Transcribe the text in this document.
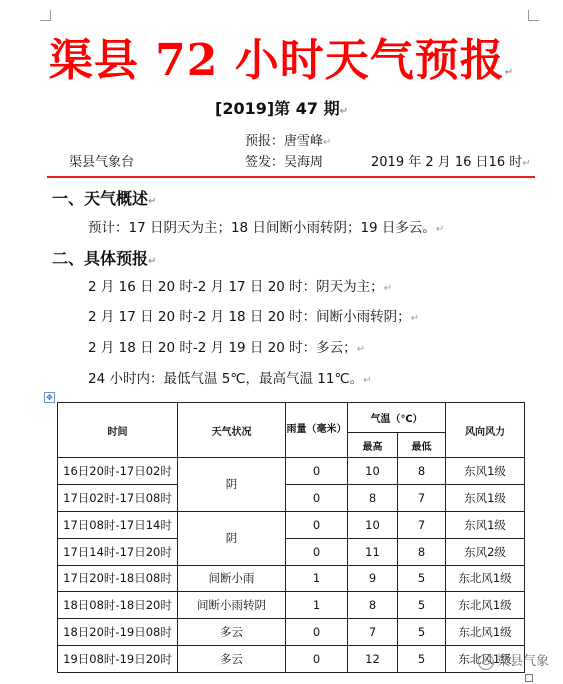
渠县 72 小时天气预报↵
[2019]第 47 期↵
预报：唐雪峰↵
渠县气象台	签发：吴海周	2019 年 2 月 16 日16 时↵
一、天气概述↵
预计：17 日阴天为主；18 日间断小雨转阴；19 日多云。↵
二、具体预报↵
2 月 16 日 20 时-2 月 17 日 20 时：阴天为主；↵
2 月 17 日 20 时-2 月 18 日 20 时：间断小雨转阴；↵
2 月 18 日 20 时-2 月 19 日 20 时：多云；↵
24 小时内：最低气温 5℃，最高气温 11℃。↵
✥
时间	天气状况	雨量（毫米）	气温（℃）		风向风力
			最高	最低	
16日20时-17日02时	阴	0	10	8	东风1级
17日02时-17日08时		0	8	7	东风1级
17日08时-17日14时	阴	0	10	7	东风1级
17日14时-17日20时		0	11	8	东风2级
17日20时-18日08时	间断小雨	1	9	5	东北风1级
18日08时-18日20时	间断小雨转阴	1	8	5	东北风1级
18日20时-19日08时	多云	0	7	5	东北风1级
19日08时-19日20时	多云	0	12	5	东北风1级
渠县气象
